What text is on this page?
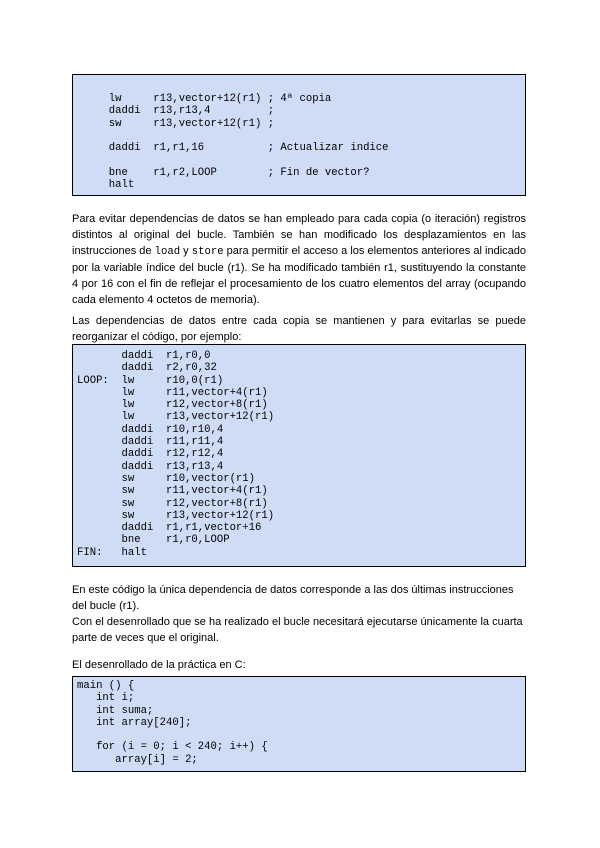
lw     r13,vector+12(r1) ; 4ª copia
daddi  r13,r13,4         ;
sw     r13,vector+12(r1) ;
daddi  r1,r1,16          ; Actualizar indice
bne    r1,r2,LOOP        ; Fin de vector?
halt

Para evitar dependencias de datos se han empleado para cada copia (o iteración) registros distintos al original del bucle. También se han modificado los desplazamientos en las instrucciones de load y store para permitir el acceso a los elementos anteriores al indicado por la variable índice del bucle (r1). Se ha modificado también r1, sustituyendo la constante 4 por 16 con el fin de reflejar el procesamiento de los cuatro elementos del array (ocupando cada elemento 4 octetos de memoria).

Las dependencias de datos entre cada copia se mantienen y para evitarlas se puede reorganizar el código, por ejemplo:

daddi  r1,r0,0
daddi  r2,r0,32
LOOP:  lw     r10,0(r1)
lw     r11,vector+4(r1)
lw     r12,vector+8(r1)
lw     r13,vector+12(r1)
daddi  r10,r10,4
daddi  r11,r11,4
daddi  r12,r12,4
daddi  r13,r13,4
sw     r10,vector(r1)
sw     r11,vector+4(r1)
sw     r12,vector+8(r1)
sw     r13,vector+12(r1)
daddi  r1,r1,vector+16
bne    r1,r0,LOOP
FIN:   halt

En este código la única dependencia de datos corresponde a las dos últimas instrucciones del bucle (r1).
Con el desenrollado que se ha realizado el bucle necesitará ejecutarse únicamente la cuarta parte de veces que el original.

El desenrollado de la práctica en C:

main () {
int i;
int suma;
int array[240];
for (i = 0; i < 240; i++) {
array[i] = 2;
